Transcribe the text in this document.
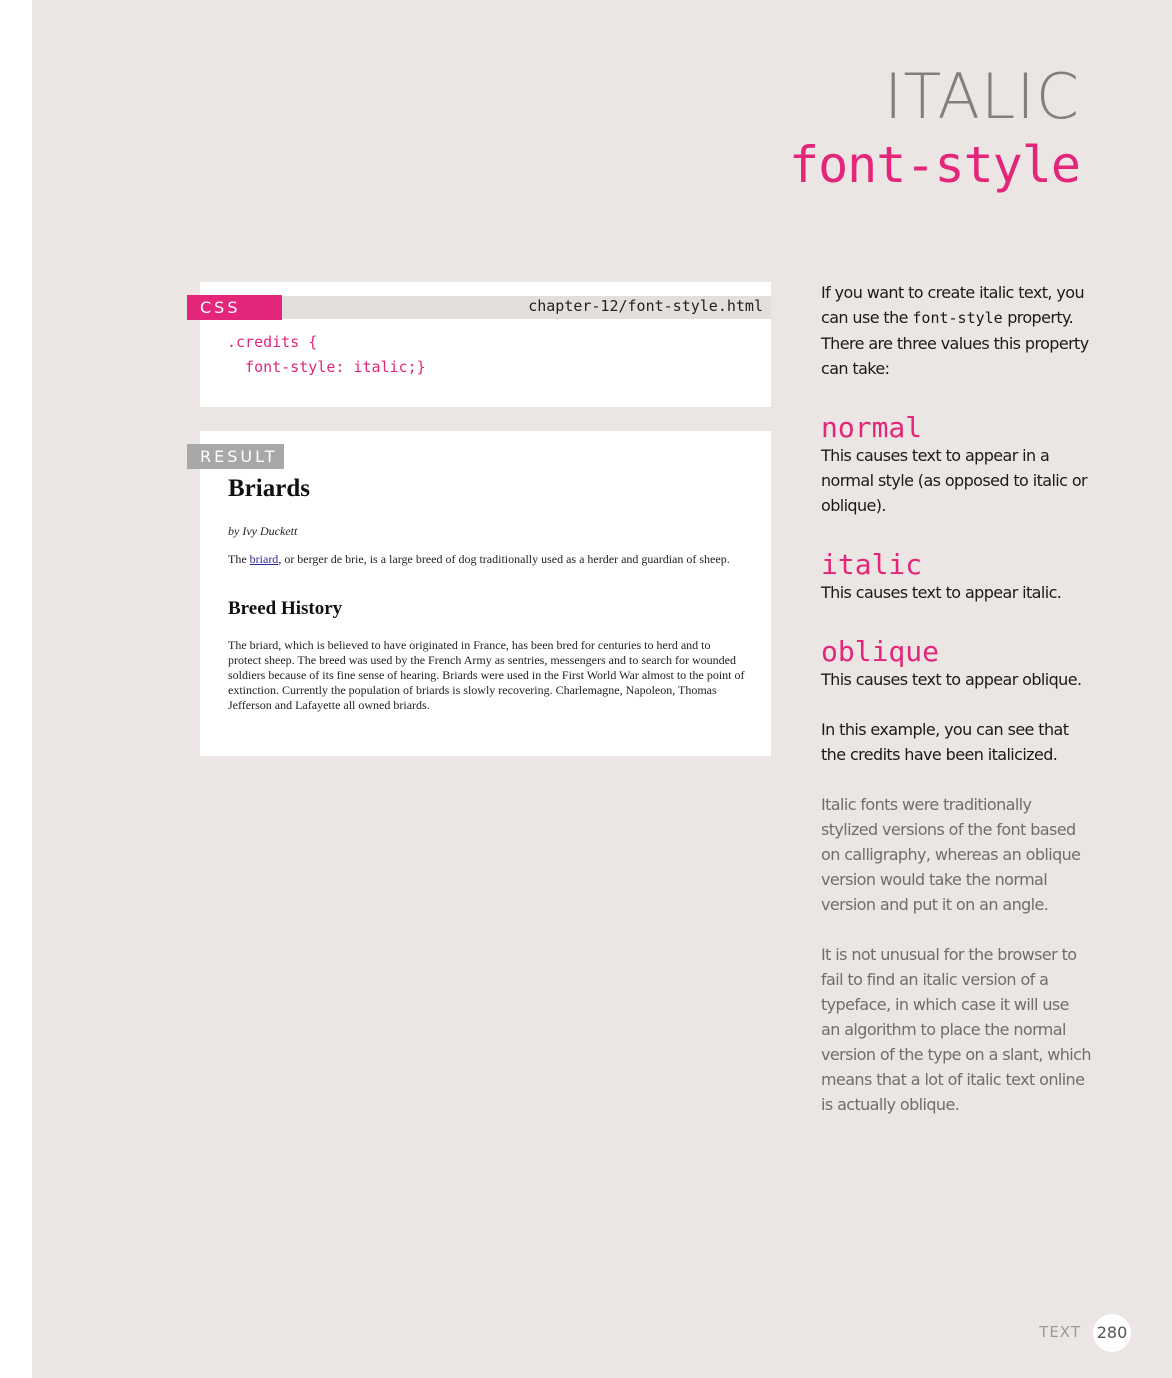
ITALIC
font-style
chapter-12/font-style.html
.credits {
font-style: italic;}
CSS
Briards
by Ivy Duckett
The briard, or berger de brie, is a large breed of dog traditionally used as a herder and guardian of sheep.
Breed History
The briard, which is believed to have originated in France, has been bred for centuries to herd and to protect sheep. The breed was used by the French Army as sentries, messengers and to search for wounded soldiers because of its fine sense of hearing. Briards were used in the First World War almost to the point of extinction. Currently the population of briards is slowly recovering. Charlemagne, Napoleon, Thomas Jefferson and Lafayette all owned briards.
RESULT

If you want to create italic text, you can use the font-style property. There are three values this property can take:

normal

This causes text to appear in a normal style (as opposed to italic or oblique).

italic

This causes text to appear italic.

oblique

This causes text to appear oblique.

In this example, you can see that the credits have been italicized.

Italic fonts were traditionally stylized versions of the font based on calligraphy, whereas an oblique version would take the normal version and put it on an angle.

It is not unusual for the browser to fail to find an italic version of a typeface, in which case it will use an algorithm to place the normal version of the type on a slant, which means that a lot of italic text online is actually oblique.

TEXT 280
